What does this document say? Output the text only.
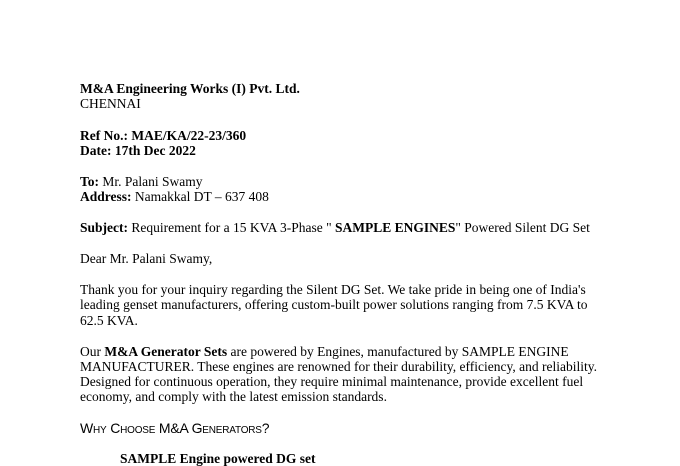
M&A Engineering Works (I) Pvt. Ltd.
CHENNAI
Ref No.: MAE/KA/22-23/360
Date: 17th Dec 2022
To: Mr. Palani Swamy
Address: Namakkal DT – 637 408
Subject: Requirement for a 15 KVA 3-Phase " SAMPLE ENGINES" Powered Silent DG Set
Dear Mr. Palani Swamy,
Thank you for your inquiry regarding the Silent DG Set. We take pride in being one of India's
leading genset manufacturers, offering custom-built power solutions ranging from 7.5 KVA to
62.5 KVA.
Our M&A Generator Sets are powered by Engines, manufactured by SAMPLE ENGINE
MANUFACTURER. These engines are renowned for their durability, efficiency, and reliability.
Designed for continuous operation, they require minimal maintenance, provide excellent fuel
economy, and comply with the latest emission standards.
Why Choose M&A Generators?
SAMPLE Engine powered DG set
